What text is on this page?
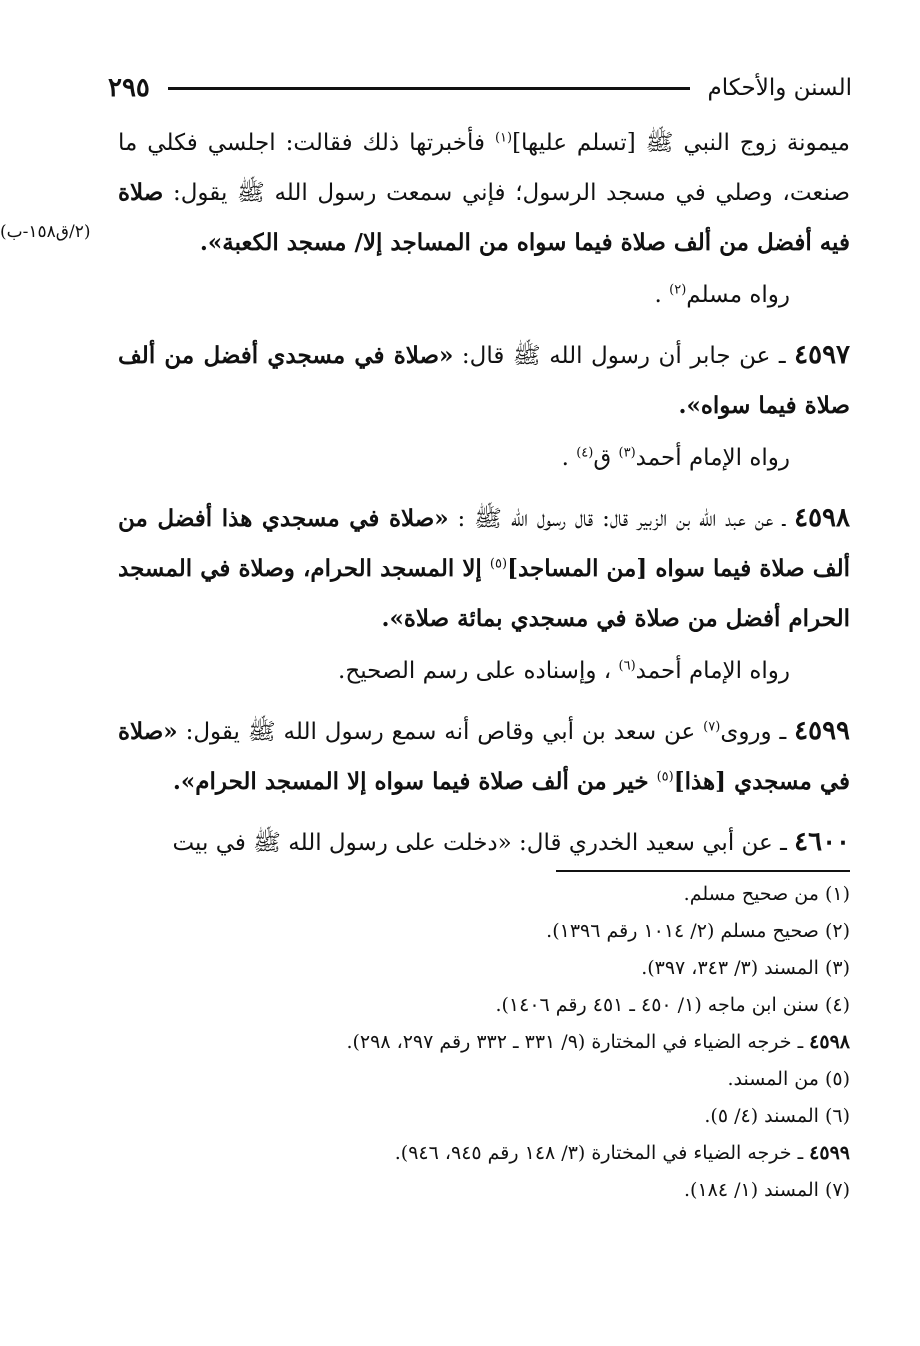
السنن والأحكام
٢٩٥
(٢/ق١٥٨-ب)

ميمونة زوج النبي ﷺ [تسلم عليها]$^{(١)}$ فأخبرتها ذلك فقالت: اجلسي فكلي ما صنعت، وصلي في مسجد الرسول؛ فإني سمعت رسول الله ﷺ يقول: صلاة فيه أفضل من ألف صلاة فيما سواه من المساجد إلا/ مسجد الكعبة».

رواه مسلم$^{(٢)}$ .

٤٥٩٧ ـ عن جابر أن رسول الله ﷺ قال: «صلاة في مسجدي أفضل من ألف صلاة فيما سواه».

رواه الإمام أحمد$^{(٣)}$ ق$^{(٤)}$ .

٤٥٩٨ ـ عن عبد الله بن الزبير قال: قال رسول الله ﷺ : «صلاة في مسجدي هذا أفضل من ألف صلاة فيما سواه [من المساجد]$^{(٥)}$ إلا المسجد الحرام، وصلاة في المسجد الحرام أفضل من صلاة في مسجدي بمائة صلاة».

رواه الإمام أحمد$^{(٦)}$ ، وإسناده على رسم الصحيح.

٤٥٩٩ ـ وروى$^{(٧)}$ عن سعد بن أبي وقاص أنه سمع رسول الله ﷺ يقول: «صلاة في مسجدي [هذا]$^{(٥)}$ خير من ألف صلاة فيما سواه إلا المسجد الحرام».

٤٦٠٠ ـ عن أبي سعيد الخدري قال: «دخلت على رسول الله ﷺ في بيت

(١) من صحيح مسلم.
(٢) صحيح مسلم (٢/ ١٠١٤ رقم ١٣٩٦).
(٣) المسند (٣/ ٣٤٣، ٣٩٧).
(٤) سنن ابن ماجه (١/ ٤٥٠ ـ ٤٥١ رقم ١٤٠٦).
٤٥٩٨ ـ خرجه الضياء في المختارة (٩/ ٣٣١ ـ ٣٣٢ رقم ٢٩٧، ٢٩٨).
(٥) من المسند.
(٦) المسند (٤/ ٥).
٤٥٩٩ ـ خرجه الضياء في المختارة (٣/ ١٤٨ رقم ٩٤٥، ٩٤٦).
(٧) المسند (١/ ١٨٤).
